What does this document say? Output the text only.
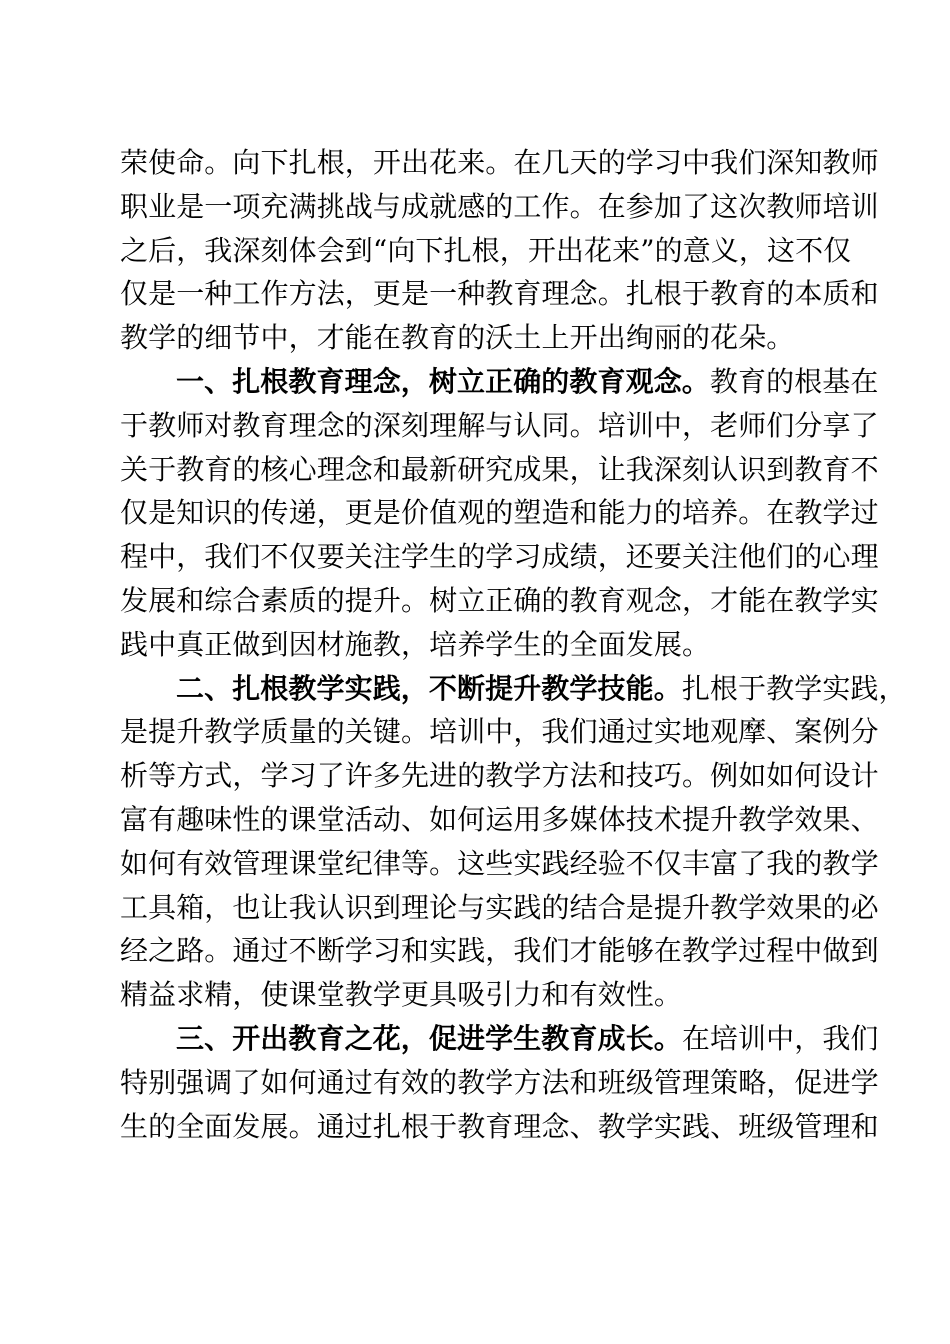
荣使命。向下扎根，开出花来。在几天的学习中我们深知教师
职业是一项充满挑战与成就感的工作。在参加了这次教师培训
之后，我深刻体会到“向下扎根，开出花来”的意义，这不仅
仅是一种工作方法，更是一种教育理念。扎根于教育的本质和
教学的细节中，才能在教育的沃土上开出绚丽的花朵。
一、扎根教育理念，树立正确的教育观念。教育的根基在
于教师对教育理念的深刻理解与认同。培训中，老师们分享了
关于教育的核心理念和最新研究成果，让我深刻认识到教育不
仅是知识的传递，更是价值观的塑造和能力的培养。在教学过
程中，我们不仅要关注学生的学习成绩，还要关注他们的心理
发展和综合素质的提升。树立正确的教育观念，才能在教学实
践中真正做到因材施教，培养学生的全面发展。
二、扎根教学实践，不断提升教学技能。扎根于教学实践，
是提升教学质量的关键。培训中，我们通过实地观摩、案例分
析等方式，学习了许多先进的教学方法和技巧。例如如何设计
富有趣味性的课堂活动、如何运用多媒体技术提升教学效果、
如何有效管理课堂纪律等。这些实践经验不仅丰富了我的教学
工具箱，也让我认识到理论与实践的结合是提升教学效果的必
经之路。通过不断学习和实践，我们才能够在教学过程中做到
精益求精，使课堂教学更具吸引力和有效性。
三、开出教育之花，促进学生教育成长。在培训中，我们
特别强调了如何通过有效的教学方法和班级管理策略，促进学
生的全面发展。通过扎根于教育理念、教学实践、班级管理和
